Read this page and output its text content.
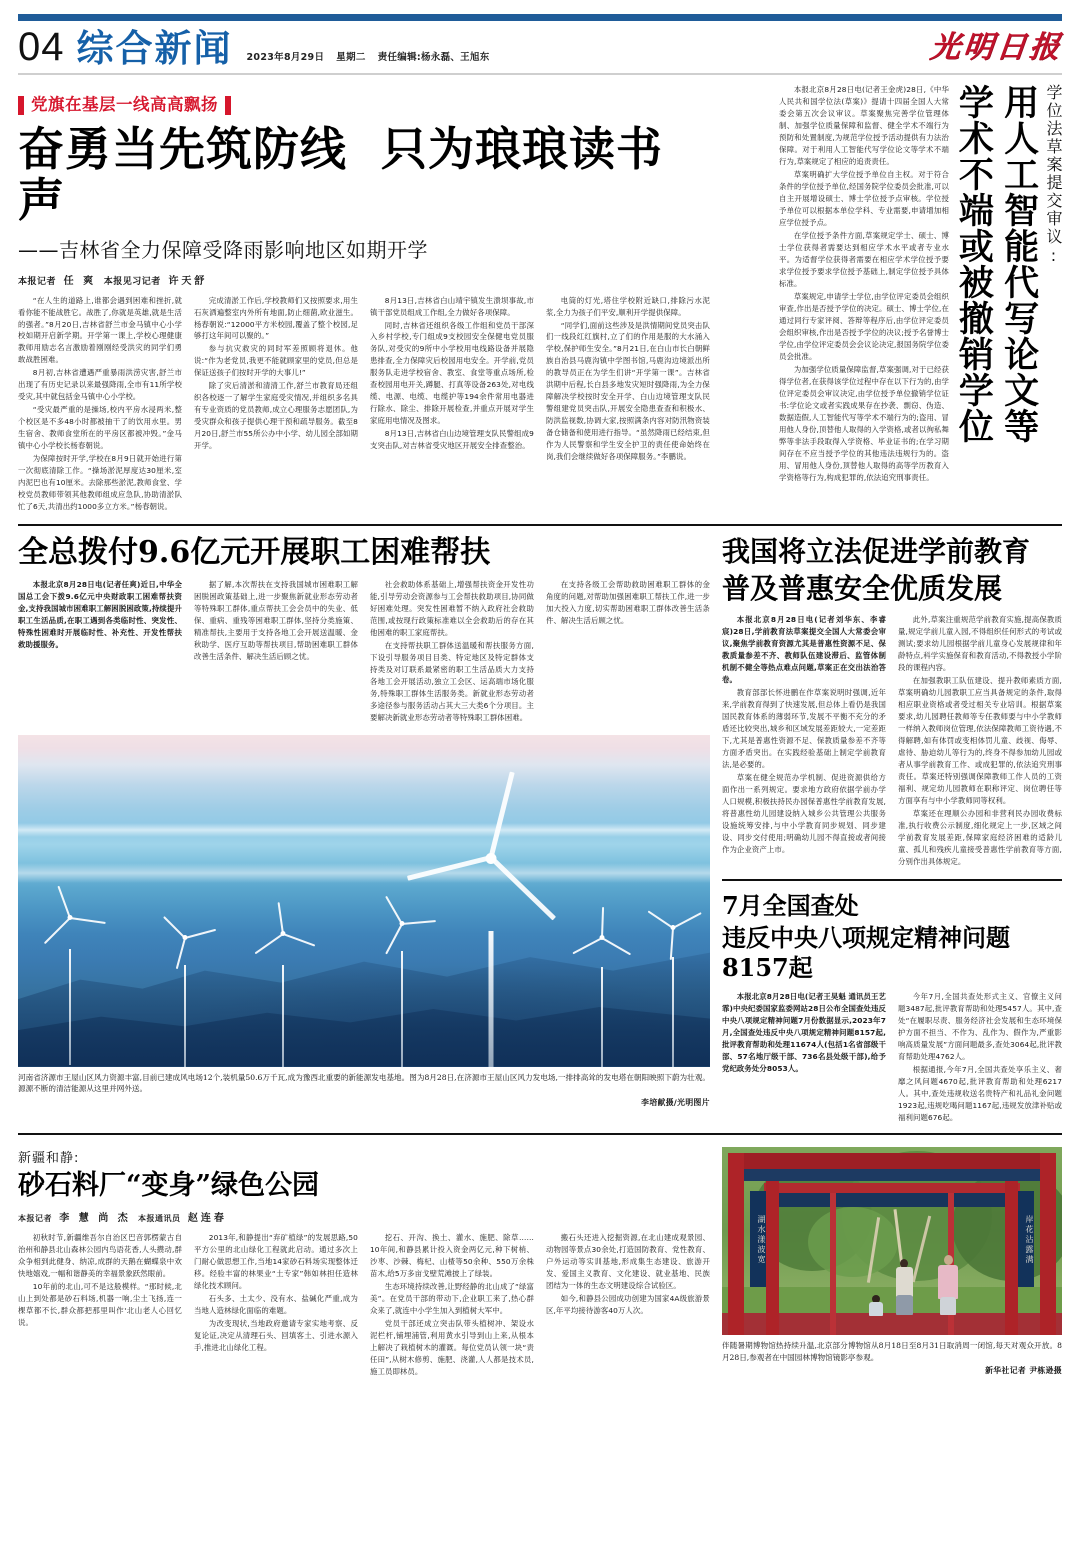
04 综合新闻 2023年8月29日 星期二 责任编辑:杨永磊、王旭东	光明日报
党旗在基层一线高高飘扬
奋勇当先筑防线 只为琅琅读书声
——吉林省全力保障受降雨影响地区如期开学
本报记者 任 爽 本报见习记者 许天舒

“在人生的道路上,谁都会遇到困难和挫折,就看你能不能战胜它。战胜了,你就是英雄,就是生活的强者。”8月20日,吉林省舒兰市金马镇中心小学校如期开启新学期。开学第一课上,学校心理健康教师用励志名言激励着刚刚经受洪灾的同学们勇敢战胜困难。

8月初,吉林省遭遇严重暴雨洪涝灾害,舒兰市出现了有历史记录以来最强降雨,全市有11所学校受灾,其中就包括金马镇中心小学校。

“受灾最严重的是操场,校内平房水浸两米,整个校区是不多48小时都被抽干了的饮用水里。男生宿舍、教师食堂所在的平房区都被冲毁。”金马镇中心小学校长杨春朝说。

为保障按时开学,学校在8月9日就开始进行第一次彻底清除工作。“操场淤泥厚度达30厘米,室内泥巴也有10厘米。去除那些淤泥,教师食堂、学校党员教师带领其他教师组成应急队,协助清淤队忙了6天,共清出约1000多立方米。”杨春朝说。

完成清淤工作后,学校教师们又按照要求,用生石灰洒遍整室内外所有地面,防止细菌,欧业滋生。杨春朝说:“12000平方米校园,覆盖了整个校园,足够打这年间可以聚的。”

参与抗灾救灾的同时军差照顾将退休。他说:“作为老党员,我更不能就顾家里的党员,但总是保证送孩子们按时开学的大事儿!”

除了灾后清淤和清清工作,舒兰市教育局还组织各校逐一了解学生家庭受灾情况,并组织多名具有专业资质的党员教师,成立心理服务志愿团队,为受灾群众和孩子提供心理干预和疏导服务。截至8月20日,舒兰市55所公办中小学、幼儿园全部如期开学。

8月13日,吉林省白山靖宇镇发生溃坝事故,市镇干部党员组成工作组,全力做好各项保障。

同时,吉林省还组织各级工作组和党员干部深入乡村学校,专门组成9支校园安全保健电党员服务队,对受灾的9所中小学校用电线路设备并展隐患排查,全力保障灾后校园用电安全。开学前,党员服务队走进学校宿舍、教室、食堂等重点场所,检查校园用电开关,蹲腿、打真等设备263处,对电线缆、电源、电缆、电缆护等194余件常用电器进行除水、除尘、排除开展检查,并重点开展对学生家庭用电情况及图求。

8月13日,吉林省白山边境管理支队民警组成9支突击队,对吉林省受灾地区开展安全排查整治。

电筒的灯光,塔住学校附近缺口,排除污水泥浆,全力为孩子们平安,顺利开学提供保障。

“同学们,面前这些涉及是洪情期间党员突击队们一线段红红旗村,立了们的作用是服的大水涌入学校,保护师生安全。”8月21日,在白山市长白朝鲜族自治县马鹿沟镇中学图书馆,马鹿沟边境派出所的教导员正在为学生们讲“开学第一课”。吉林省洪期中后程,长白县多地发灾短时强降雨,为全力保障解决学校按时安全开学、白山边境管理支队民警组建党员突击队,开展安全隐患查查和积极水、防洪监视数,协调大家,按照满条内容对防汛物资装备仓储备和使用进行指导。“虽然降雨已经结束,但作为人民警察和学生安全护卫的责任使命始终在岗,我们会继续做好各项保障服务。”李鹏说。

学位法草案提交审议:
用人工智能代写论文等
学术不端或被撤销学位

本报北京8月28日电(记者王金虎)28日,《中华人民共和国学位法(草案)》提请十四届全国人大常委会第五次会议审议。草案聚焦完善学位管理体制、加强学位质量保障和监督、健全学术不端行为预防和处置制度,为规范学位授予活动提供有力法治保障。对于利用人工智能代写学位论文等学术不端行为,草案规定了相应的追责责任。

草案明确扩大学位授予单位自主权。对于符合条件的学位授予单位,经国务院学位委员会批准,可以自主开展增设硕士、博士学位授予点审核。学位授予单位可以根据本单位学科、专业需要,申请增加相应学位授予点。

在学位授予条件方面,草案规定学士、硕士、博士学位获得者需要达到相应学术水平或者专业水平。为适督学位获得者需要在相应学术学位授予要求学位授予要求学位授予基础上,制定学位授予具体标准。

草案规定,申请学士学位,由学位评定委员会组织审查,作出是否授予学位的决定。硕士、博士学位,在通过同行专家评阅、答辩等程序后,由学位评定委员会组织审核,作出是否授予学位的决议;授予名誉博士学位,由学位评定委员会会议论决定,报国务院学位委员会批准。

为加强学位质量保障监督,草案强调,对于已经获得学位者,在获得该学位过程中存在以下行为的,由学位评定委员会审议决定,由学位授予单位撤销学位证书:学位论文或者实践成果存在抄袭、剽窃、伪造、数据造假,人工智能代写等学术不端行为的;盗用、冒用他人身份,顶替他人取得的入学资格,或者以徇私舞弊等非法手段取得入学资格、毕业证书的;在学习期间存在不应当授予学位的其他违法违规行为的。盗用、冒用他人身份,顶替他人取得的高等学历教育入学资格等行为,构成犯罪的,依法追究刑事责任。

全总拨付9.6亿元开展职工困难帮扶

本报北京8月28日电(记者任爽)近日,中华全国总工会下拨9.6亿元中央财政职工困难帮扶资金,支持我国城市困难职工解困脱困政策,持续提升职工生活品质,在职工遇到各类临时性、突发性、特殊性困难时开展临时性、补充性、开发性帮扶救助援服务。

据了解,本次帮扶在支持我国城市困难职工解困脱困政策基础上,进一步聚焦新就业形态劳动者等特殊职工群体,重点帮扶工会会员中的失业、低保、重病、重残等困难职工群体,坚持分类施策、精准帮扶,主要用于支持各地工会开展送温暖、金秋助学、医疗互助等帮扶项目,帮助困难职工群体改善生活条件、解决生活后顾之忧。

社会救助体系基础上,增强帮扶资金开发性功能,引导劳动会资源参与工会帮扶救助项目,协同做好困难处理。突发性困难暂不纳入政府社会救助范围,或按现行政策标准难以全会救助后的存在其他困难的职工家庭帮扶。

在支持帮扶职工群体送温暖和帮扶服务方面,下设引导服务项目目类、特定地区及特定群体支持类及对订联系最紧密的职工生活品质大力支持各地工会开展活动,独立工会区、运高端市场化服务,特殊职工群体生活服务类。新就业形态劳动者多途径参与服务活动占其大三大类6个分项目。主要解决新就业形态劳动者等特殊职工群体困难。

在支持各级工会帮助救助困难职工群体的金角度的问题,对帮助加强困难职工帮扶工作,进一步加大投入力度,切实帮助困难职工群体改善生活条件、解决生活后顾之忧。

河南省济源市王屋山区风力资源丰富,目前已建成风电场12个,装机量50.6万千瓦,成为豫西北重要的新能源发电基地。图为8月28日,在济源市王屋山区风力发电场,一排排高耸的发电塔在朝阳映照下蔚为壮观。源源不断的清洁能源从这里并网外送。
李培献摄/光明图片
我国将立法促进学前教育
普及普惠安全优质发展

本报北京8月28日电(记者刘华东、李睿宸)28日,学前教育法草案提交全国人大常委会审议,聚焦学前教育资源尤其是普惠性资源不足、保教质量参差不齐、教师队伍建设滞后、监管体制机制不健全等热点难点问题,草案正在交出法治答卷。

教育部部长怀进鹏在作草案说明时强调,近年来,学前教育得到了快速发展,但总体上看仍是我国国民教育体系的薄弱环节,发展不平衡不充分的矛盾还比较突出,城乡和区域发展差距较大,一定差距下,尤其是普惠性资源不足、保教质量参差不齐等方面矛盾突出。在实践经验基础上制定学前教育法,是必要的。

草案在健全规范办学机制、促进资源供给方面作出一系列规定。要求地方政府依据学前办学人口规模,积极扶持民办园保普惠性学前教育发展,将普惠性幼儿园建设纳入城乡公共管理公共服务设施统筹安排,与中小学教育同步规划、同步建设、同步交付使用;明确幼儿园不得直接或者间接作为企业资产上市。

此外,草案注重规范学前教育实施,提高保教质量,规定学前儿童入园,不得组织任何形式的考试或测试;要求幼儿园根据学前儿童身心发展规律和年龄特点,科学实施保育和教育活动,不得教授小学阶段的课程内容。

在加强教职工队伍建设、提升教师素质方面,草案明确幼儿园教职工应当具备规定的条件,取得相应职业资格或者受过相关专业培训。根据草案要求,幼儿园聘任教师等专任教师要与中小学教师一样纳入教师岗位管理,依法保障教师工资待遇,不得解聘,如有体罚或变相体罚儿童、歧视、侮辱、虐待、胁迫幼儿等行为的,终身不得参加幼儿园或者从事学前教育工作、或成犯罪的,依法追究刑事责任。草案还特别强调保障教师工作人员的工资福利、规定幼儿园教师在职称评定、岗位聘任等方面享有与中小学教师同等权利。

草案还在理顺公办园和非营利民办园收费标准,执行收费公示制度,细化规定上一步,区域之间学前教育发展差距,保障家庭经济困难的适龄儿童、孤儿和残疾儿童接受普惠性学前教育等方面,分别作出具体规定。

7月全国查处
违反中央八项规定精神问题8157起

本报北京8月28日电(记者王昊魁 通讯员王艺霏)中央纪委国家监委网站28日公布全国查处违反中央八项规定精神问题7月份数据显示,2023年7月,全国查处违反中央八项规定精神问题8157起,批评教育帮助和处理11674人(包括1名省部级干部、57名地厅级干部、736名县处级干部),给予党纪政务处分8053人。

今年7月,全国共查处形式主义、官僚主义问题3487起,批评教育帮助和处理5457人。其中,查处“在履职尽责、服务经济社会发展和生态环境保护方面不担当、不作为、乱作为、假作为,严重影响高质量发展”方面问题最多,查处3064起,批评教育帮助处理4762人。

根据通报,今年7月,全国共查处享乐主义、奢靡之风问题4670起,批评教育帮助和处理6217人。其中,查处违规收送名贵特产和礼品礼金问题1923起,违规吃喝问题1167起,违规发放津补贴或福利问题676起。

新疆和静:
砂石料厂“变身”绿色公园
本报记者 李 慧 尚 杰 本报通讯员 赵连春

初秋时节,新疆维吾尔自治区巴音郭楞蒙古自治州和静县北山森林公园内鸟语花香,人头攒动,群众争相到此健身、纳凉,成群的天鹅在蝴蝶泉中欢快地嬉戏,一幅和谐静美的幸福景象跃然眼前。

10年前的北山,可不是这般模样。“那时候,北山上到处都是砂石料场,机器一响,尘土飞扬,连一棵草都不长,群众都把那里叫作'北山老人心回忆说。

2013年,和静提出“弃矿植绿”的发展思路,50平方公里的北山绿化工程就此启动。通过多次上门耐心做思想工作,当地14家砂石料场实现整体迁移。经验丰富的林果业“土专家”韩如林担任造林绿化技术顾问。

石头多、土太少、没有水、盐碱化严重,成为当地人造林绿化面临的难题。

为改变现状,当地政府邀请专家实地考察、反复论证,决定从清理石头、回填客土、引进水源入手,推进北山绿化工程。

挖石、开沟、换土、灌水、施肥、除草……10年间,和静县累计投入资金两亿元,种下树梢、沙枣、沙棘、梅杞、山楂等50余种、550万余株苗木,给5万多亩戈壁荒滩披上了绿装。

生态环境持续改善,让野经静的北山成了“绿富美”。在党员干部的带动下,企业职工来了,热心群众来了,就连中小学生加入到植树大军中。

党员干部还成立突击队带头植树冲、架设水泥栏杆,铺埋浦管,利用黄水引导到山上来,从根本上解决了栽植树木的灌溉。每位党员认领一块“责任田”,从树木修剪、施肥、浇灌,人人都是技术员,施工员即林员。

搬石头还进入挖掘资源,在北山建成观景园、动物园等景点30余处,打造国防教育、党性教育、户外运动等实训基地,形成集生态建设、旅游开发、爱国主义教育、文化建设、就业基地、民族团结为一体的生态文明建设综合试验区。

如今,和静县公园成功创建为国家4A级旅游景区,年平均接待游客40万人次。

湖水漾波宽	岸花沾露满
伴随暑期博物馆热持续升温,北京部分博物馆从8月18日至8月31日取消周一闭馆,每天对观众开放。8月28日,参观者在中国园林博物馆镜影亭参观。
新华社记者 尹栋逊摄
